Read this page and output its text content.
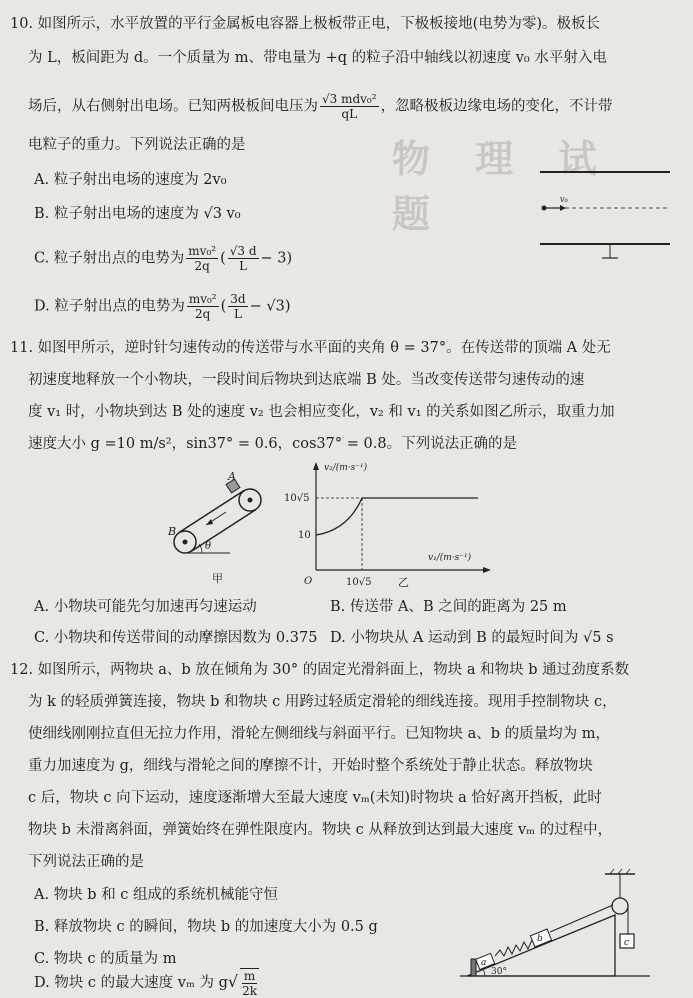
物 理 试 题
10. 如图所示，水平放置的平行金属板电容器上极板带正电，下极板接地(电势为零)。极板长
为 L，板间距为 d。一个质量为 m、带电量为 +q 的粒子沿中轴线以初速度 v₀ 水平射入电
场后，从右侧射出电场。已知两极板间电压为 $\frac{\text{√3 mdv₀²}}{qL}$ ，忽略极板边缘电场的变化，不计带
电粒子的重力。下列说法正确的是
A. 粒子射出电场的速度为 2v₀
B. 粒子射出电场的速度为 √3 v₀
C. 粒子射出点的电势为 $\frac{\text{mv₀²}}{2q}$ ( $\frac{√3 d}{L} - 3$)
D. 粒子射出点的电势为 $\frac{\text{mv₀²}}{2q}$ ( $\frac{3d}{L} - √3$)
v₀
11. 如图甲所示，逆时针匀速传动的传送带与水平面的夹角 θ = 37°。在传送带的顶端 A 处无
初速度地释放一个小物块，一段时间后物块到达底端 B 处。当改变传送带匀速传动的速
度 v₁ 时，小物块到达 B 处的速度 v₂ 也会相应变化，v₂ 和 v₁ 的关系如图乙所示，取重力加
速度大小 g =10 m/s²，sin37° = 0.6，cos37° = 0.8。下列说法正确的是
θ
A
B
甲
v₂/(m·s⁻¹)
v₁/(m·s⁻¹)
10√5
10
O	10√5 乙
A. 小物块可能先匀加速再匀速运动	B. 传送带 A、B 之间的距离为 25 m
C. 小物块和传送带间的动摩擦因数为 0.375 D. 小物块从 A 运动到 B 的最短时间为 √5 s
12. 如图所示，两物块 a、b 放在倾角为 30° 的固定光滑斜面上，物块 a 和物块 b 通过劲度系数
为 k 的轻质弹簧连接，物块 b 和物块 c 用跨过轻质定滑轮的细线连接。现用手控制物块 c，
使细线刚刚拉直但无拉力作用，滑轮左侧细线与斜面平行。已知物块 a、b 的质量均为 m，
重力加速度为 g，细线与滑轮之间的摩擦不计，开始时整个系统处于静止状态。释放物块
c 后，物块 c 向下运动，速度逐渐增大至最大速度 vₘ(未知)时物块 a 恰好离开挡板，此时
物块 b 未滑离斜面，弹簧始终在弹性限度内。物块 c 从释放到达到最大速度 vₘ 的过程中，
下列说法正确的是
A. 物块 b 和 c 组成的系统机械能守恒
B. 释放物块 c 的瞬间，物块 b 的加速度大小为 0.5 g
C. 物块 c 的质量为 m
D. 物块 c 的最大速度 vₘ 为 $g√ \frac{m}{2k}$
a
b	c
30°
